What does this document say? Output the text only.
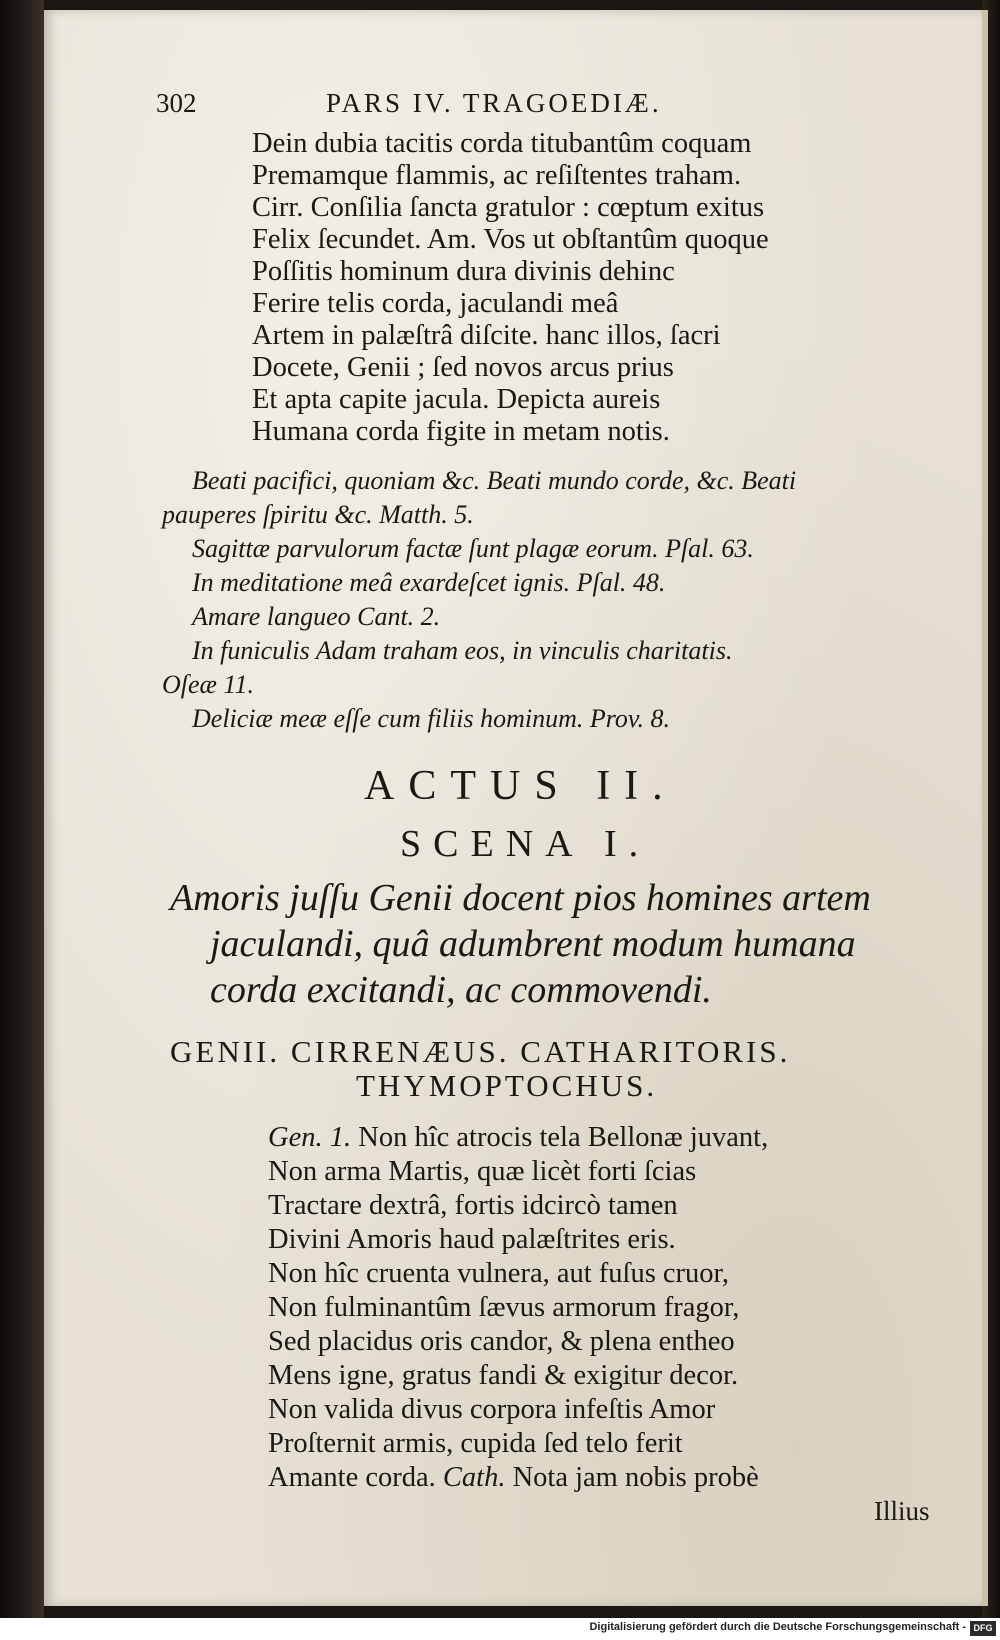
302	PARS IV. TRAGOEDIÆ.

Dein dubia tacitis corda titubantûm coquam

Premamque flammis, ac reſiſtentes traham.

Cirr. Conſilia ſancta gratulor : cœptum exitus

Felix ſecundet. Am. Vos ut obſtantûm quoque

Poſſitis hominum dura divinis dehinc

Ferire telis corda, jaculandi meâ

Artem in palæſtrâ diſcite. hanc illos, ſacri

Docete, Genii ; ſed novos arcus prius

Et apta capite jacula. Depicta aureis

Humana corda figite in metam notis.

Beati pacifici, quoniam &c. Beati mundo corde, &c. Beati

pauperes ſpiritu &c. Matth. 5.

Sagittæ parvulorum factæ ſunt plagæ eorum. Pſal. 63.

In meditatione meâ exardeſcet ignis. Pſal. 48.

Amare langueo Cant. 2.

In funiculis Adam traham eos, in vinculis charitatis.

Oſeæ 11.

Deliciæ meæ eſſe cum filiis hominum. Prov. 8.

ACTUS II.

SCENA I.

Amoris juſſu Genii docent pios homines artem

jaculandi, quâ adumbrent modum humana

corda excitandi, ac commovendi.

GENII. CIRRENÆUS. CATHARITORIS.

THYMOPTOCHUS.

Gen. 1. Non hîc atrocis tela Bellonæ juvant,

Non arma Martis, quæ licèt forti ſcias

Tractare dextrâ, fortis idcircò tamen

Divini Amoris haud palæſtrites eris.

Non hîc cruenta vulnera, aut fuſus cruor,

Non fulminantûm ſævus armorum fragor,

Sed placidus oris candor, & plena entheo

Mens igne, gratus fandi & exigitur decor.

Non valida divus corpora infeſtis Amor

Proſternit armis, cupida ſed telo ferit

Amante corda. Cath. Nota jam nobis probè

Illius

Digitalisierung gefördert durch die Deutsche Forschungsgemeinschaft - DFG
